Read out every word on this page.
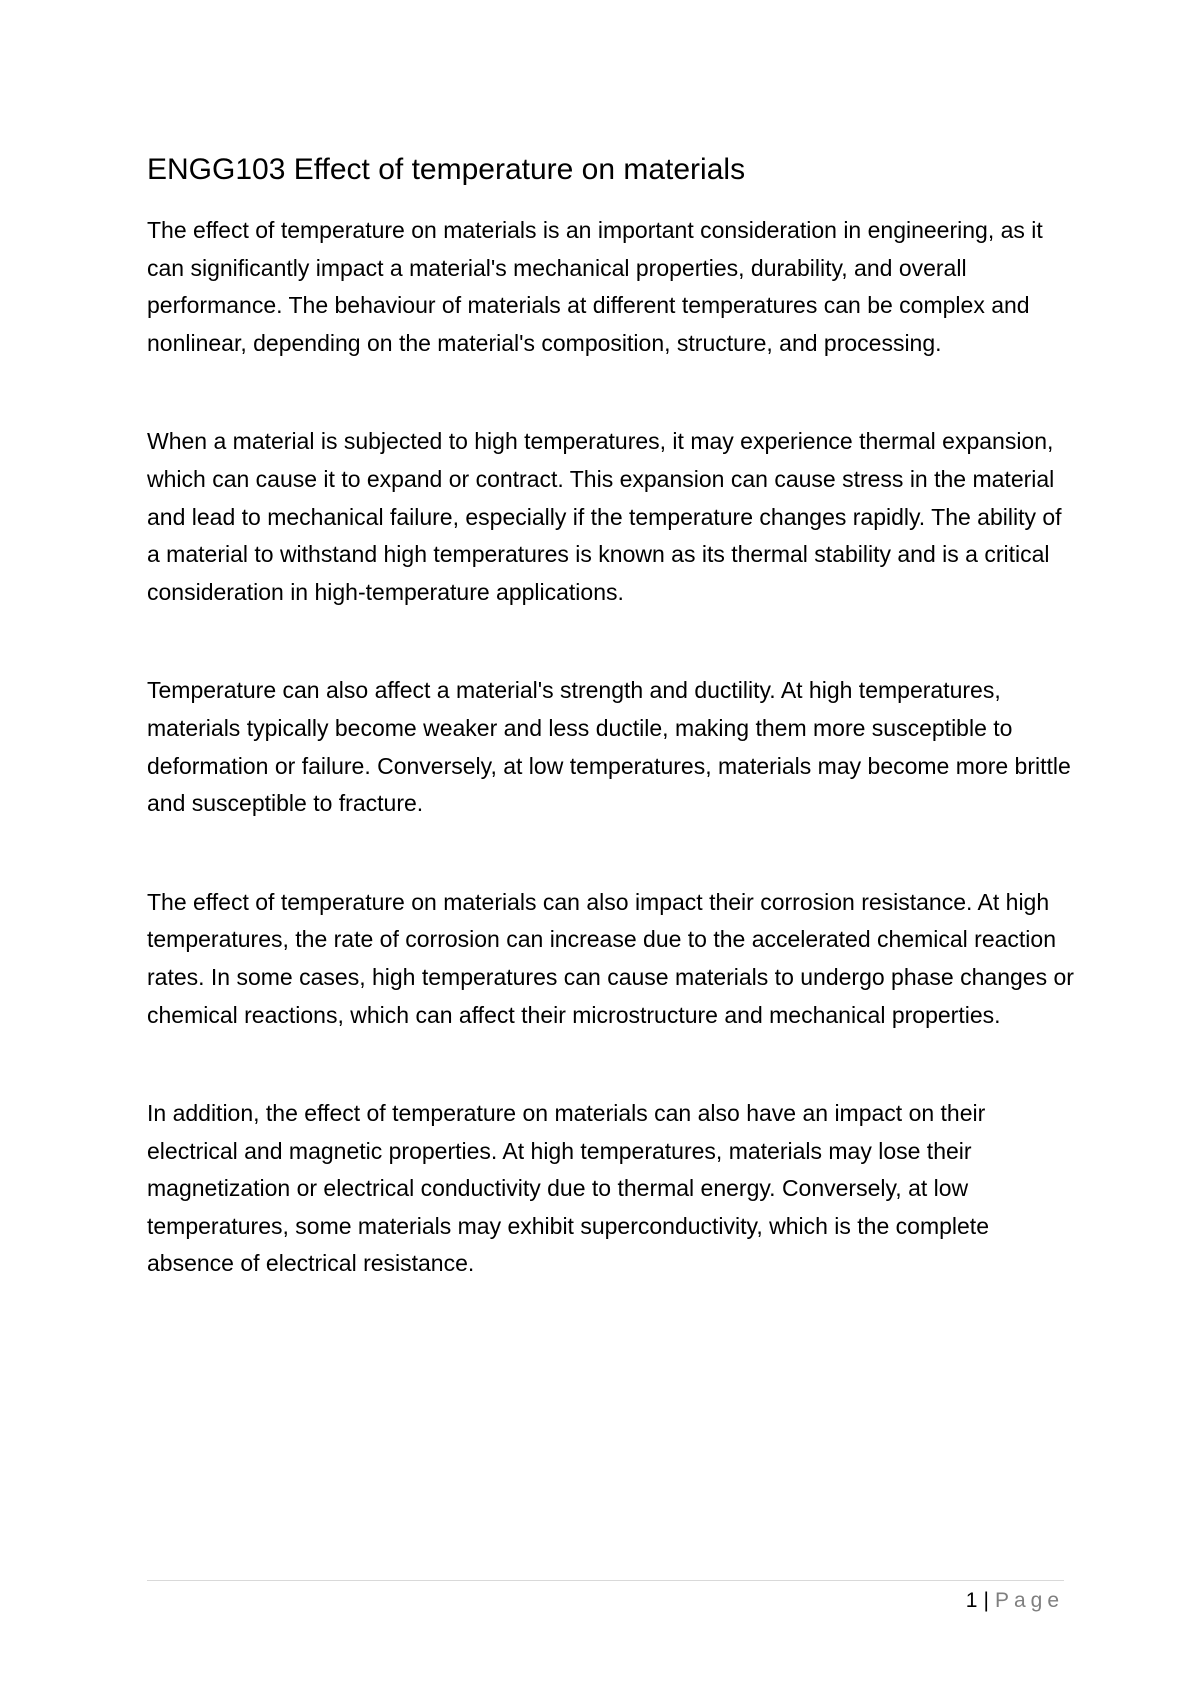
ENGG103 Effect of temperature on materials

The effect of temperature on materials is an important consideration in engineering, as it can significantly impact a material's mechanical properties, durability, and overall performance. The behaviour of materials at different temperatures can be complex and nonlinear, depending on the material's composition, structure, and processing.

When a material is subjected to high temperatures, it may experience thermal expansion, which can cause it to expand or contract. This expansion can cause stress in the material and lead to mechanical failure, especially if the temperature changes rapidly. The ability of a material to withstand high temperatures is known as its thermal stability and is a critical consideration in high-temperature applications.

Temperature can also affect a material's strength and ductility. At high temperatures, materials typically become weaker and less ductile, making them more susceptible to deformation or failure. Conversely, at low temperatures, materials may become more brittle and susceptible to fracture.

The effect of temperature on materials can also impact their corrosion resistance. At high temperatures, the rate of corrosion can increase due to the accelerated chemical reaction rates. In some cases, high temperatures can cause materials to undergo phase changes or chemical reactions, which can affect their microstructure and mechanical properties.

In addition, the effect of temperature on materials can also have an impact on their electrical and magnetic properties. At high temperatures, materials may lose their magnetization or electrical conductivity due to thermal energy. Conversely, at low temperatures, some materials may exhibit superconductivity, which is the complete absence of electrical resistance.

1 | Page
